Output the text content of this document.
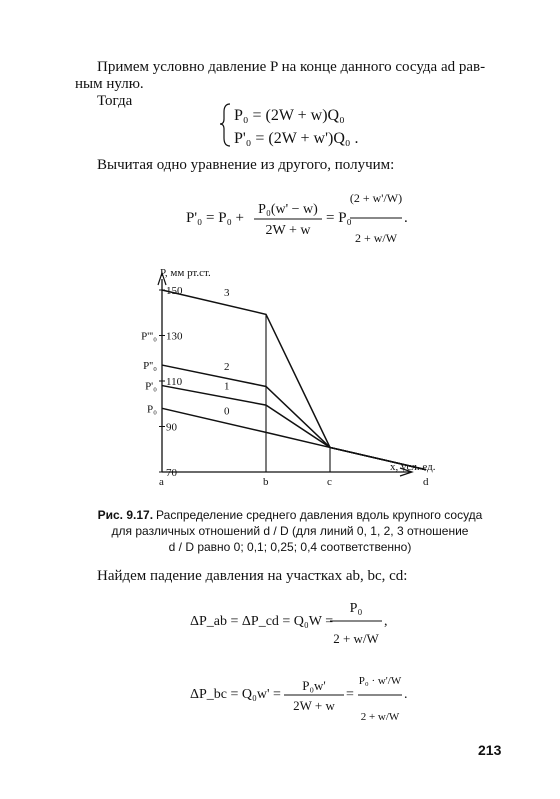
Примем условно давление P на конце данного сосуда ad рав-
ным нулю.
Тогда
P₀ = (2W + w)Q₀
P'₀ = (2W + w')Q₀ .
Вычитая одно уравнение из другого, получим:
P'₀ = P₀ +
P₀(w' − w)
2W + w
= P₀
(2 + w'/W)
2 + w/W
.
P, мм рт.ст.
x, усл. ед.
150
130
110
90
70
a	b	c	d
P'''₀
P''₀
P'₀
P₀	0
1
2
3
Рис. 9.17. Распределение среднего давления вдоль крупного сосуда
для различных отношений d / D (для линий 0, 1, 2, 3 отношение
d / D равно 0; 0,1; 0,25; 0,4 соответственно)
Найдем падение давления на участках ab, bc, cd:
ΔP_ab = ΔP_cd = Q₀W =
P₀
2 + w/W
,
ΔP_bc = Q₀w' =
P₀w'
2W + w
=
P₀ · w'/W
2 + w/W
.
213
